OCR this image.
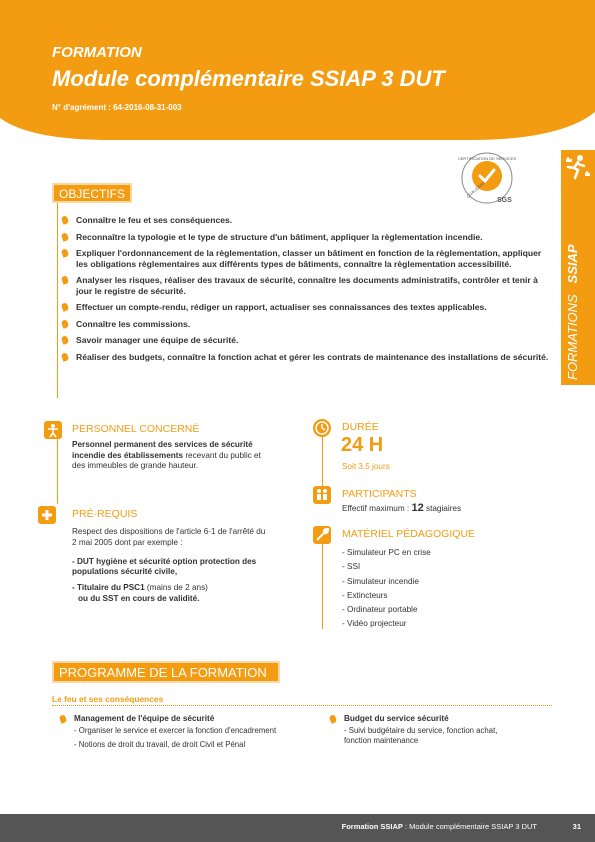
FORMATION
Module complémentaire SSIAP 3 DUT
N° d'agrément : 64-2016-08-31-003
FORMATIONS   SSIAP
CERTIFICATION DE SERVICES
QUALICERT
SGS
OBJECTIFS
Connaître le feu et ses conséquences.
Reconnaître la typologie et le type de structure d'un bâtiment, appliquer la règlementation incendie.
Expliquer l'ordonnancement de la règlementation, classer un bâtiment en fonction de la règlementation, appliquer les obligations règlementaires aux différents types de bâtiments, connaître la règlementation accessibilité.
Analyser les risques, réaliser des travaux de sécurité, connaître les documents administratifs, contrôler et tenir à jour le registre de sécurité.
Effectuer un compte-rendu, rédiger un rapport, actualiser ses connaissances des textes applicables.
Connaître les commissions.
Savoir manager une équipe de sécurité.
Réaliser des budgets, connaître la fonction achat et gérer les contrats de maintenance des installations de sécurité.
PERSONNEL CONCERNÉ
Personnel permanent des services de sécurité incendie des établissements recevant du public et des immeubles de grande hauteur.
PRÉ-REQUIS
Respect des dispositions de l'article 6-1 de l'arrêté du 2 mai 2005 dont par exemple :
- DUT hygiène et sécurité option protection des populations sécurité civile,
- Titulaire du PSC1 (mains de 2 ans)
ou du SST en cours de validité.
DURÉE
24 H
Soit 3,5 jours
PARTICIPANTS
Effectif maximum : 12 stagiaires
MATÉRIEL PÉDAGOGIQUE
- Simulateur PC en crise
- SSI
- Simulateur incendie
- Extincteurs
- Ordinateur portable
- Vidéo projecteur
PROGRAMME DE LA FORMATION
Le feu et ses conséquences
Management de l'équipe de sécurité
- Organiser le service et exercer la fonction d'encadrement
- Notions de droit du travail, de droit Civil et Pénal
Budget du service sécurité
- Suivi budgétaire du service, fonction achat, fonction maintenance
Formation SSIAP : Module complémentaire SSIAP 3 DUT	31
